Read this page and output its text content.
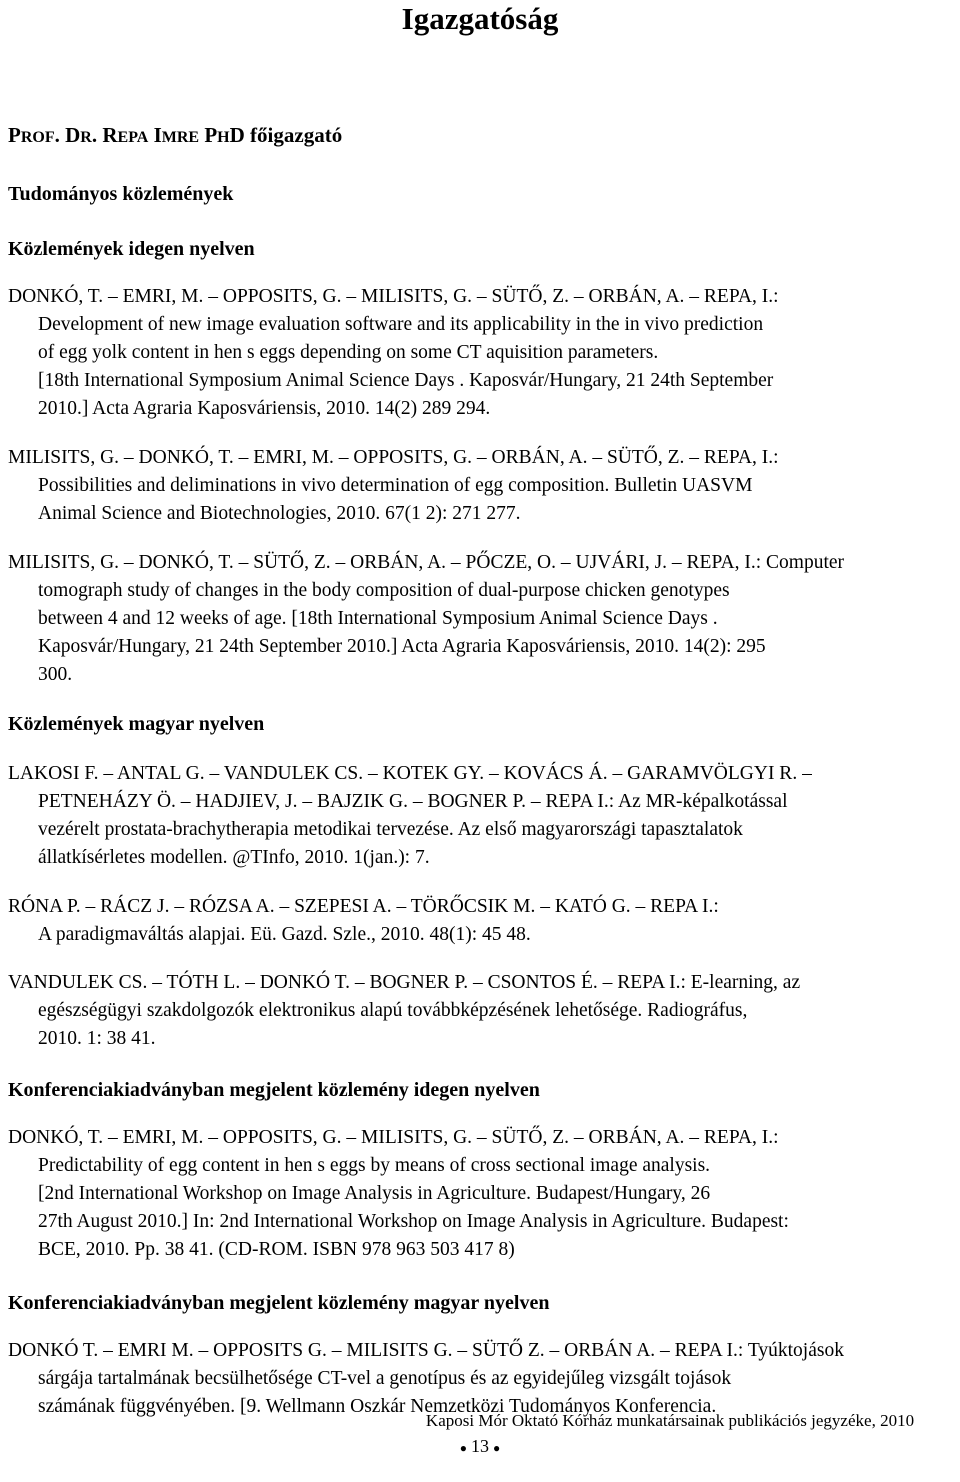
Igazgatóság
PROF. DR. REPA IMRE PHD főigazgató
Tudományos közlemények
Közlemények idegen nyelven
DONKÓ, T. – EMRI, M. – OPPOSITS, G. – MILISITS, G. – SÜTŐ, Z. – ORBÁN, A. – REPA, I.:
Development of new image evaluation software and its applicability in the in vivo prediction
of egg yolk content in hen s eggs depending on some CT aquisition parameters.
[18th International Symposium Animal Science Days . Kaposvár/Hungary, 21 24th September
2010.] Acta Agraria Kaposváriensis, 2010. 14(2) 289 294.
MILISITS, G. – DONKÓ, T. – EMRI, M. – OPPOSITS, G. – ORBÁN, A. – SÜTŐ, Z. – REPA, I.:
Possibilities and deliminations in vivo determination of egg composition. Bulletin UASVM
Animal Science and Biotechnologies, 2010. 67(1 2): 271 277.
MILISITS, G. – DONKÓ, T. – SÜTŐ, Z. – ORBÁN, A. – PŐCZE, O. – UJVÁRI, J. – REPA, I.: Computer
tomograph study of changes in the body composition of dual-purpose chicken genotypes
between 4 and 12 weeks of age. [18th International Symposium Animal Science Days .
Kaposvár/Hungary, 21 24th September 2010.] Acta Agraria Kaposváriensis, 2010. 14(2): 295
300.
Közlemények magyar nyelven
LAKOSI F. – ANTAL G. – VANDULEK CS. – KOTEK GY. – KOVÁCS Á. – GARAMVÖLGYI R. –
PETNEHÁZY Ö. – HADJIEV, J. – BAJZIK G. – BOGNER P. – REPA I.: Az MR-képalkotással
vezérelt prostata-brachytherapia metodikai tervezése. Az első magyarországi tapasztalatok
állatkísérletes modellen. @TInfo, 2010. 1(jan.): 7.
RÓNA P. – RÁCZ J. – RÓZSA A. – SZEPESI A. – TÖRŐCSIK M. – KATÓ G. – REPA I.:
A paradigmaváltás alapjai. Eü. Gazd. Szle., 2010. 48(1): 45 48.
VANDULEK CS. – TÓTH L. – DONKÓ T. – BOGNER P. – CSONTOS É. – REPA I.: E-learning, az
egészségügyi szakdolgozók elektronikus alapú továbbképzésének lehetősége. Radiográfus,
2010. 1: 38 41.
Konferenciakiadványban megjelent közlemény idegen nyelven
DONKÓ, T. – EMRI, M. – OPPOSITS, G. – MILISITS, G. – SÜTŐ, Z. – ORBÁN, A. – REPA, I.:
Predictability of egg content in hen s eggs by means of cross sectional image analysis.
[2nd International Workshop on Image Analysis in Agriculture. Budapest/Hungary, 26
27th August 2010.] In: 2nd International Workshop on Image Analysis in Agriculture. Budapest:
BCE, 2010. Pp. 38 41. (CD-ROM. ISBN 978 963 503 417 8)
Konferenciakiadványban megjelent közlemény magyar nyelven
DONKÓ T. – EMRI M. – OPPOSITS G. – MILISITS G. – SÜTŐ Z. – ORBÁN A. – REPA I.: Tyúktojások
sárgája tartalmának becsülhetősége CT-vel a genotípus és az egyidejűleg vizsgált tojások
számának függvényében. [9. Wellmann Oszkár Nemzetközi Tudományos Konferencia.
Kaposi Mór Oktató Kórház munkatársainak publikációs jegyzéke, 2010
● 13 ●
